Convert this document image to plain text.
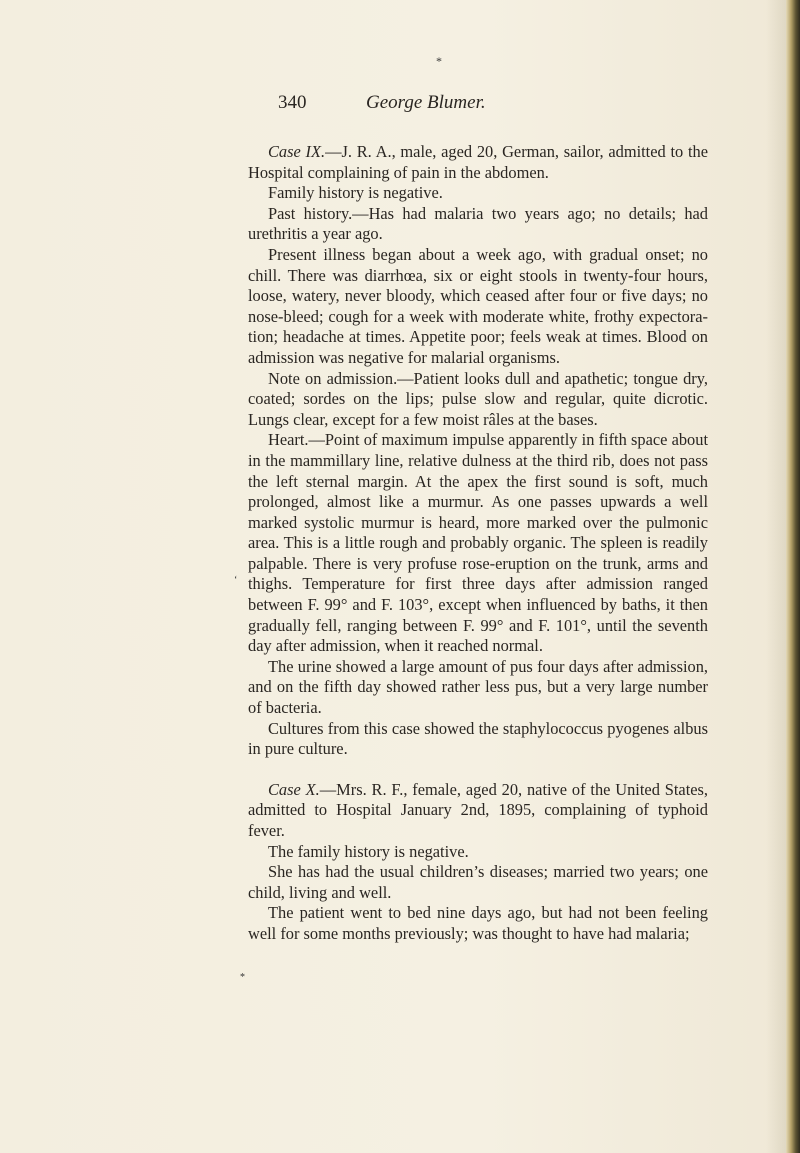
*
‘
*
340	George Blumer.

Case IX.—J. R. A., male, aged 20, German, sailor, admitted to the Hospital complaining of pain in the abdomen.

Family history is negative.

Past history.—Has had malaria two years ago; no details; had urethritis a year ago.

Present illness began about a week ago, with gradual onset; no chill. There was diarrhœa, six or eight stools in twenty-four hours, loose, watery, never bloody, which ceased after four or five days; no nose-bleed; cough for a week with moderate white, frothy expectoration; headache at times. Appetite poor; feels weak at times. Blood on admission was negative for malarial organisms.

Note on admission.—Patient looks dull and apathetic; tongue dry, coated; sordes on the lips; pulse slow and regular, quite dicrotic. Lungs clear, except for a few moist râles at the bases.

Heart.—Point of maximum impulse apparently in fifth space about in the mammillary line, relative dulness at the third rib, does not pass the left sternal margin. At the apex the first sound is soft, much prolonged, almost like a murmur. As one passes upwards a well marked systolic murmur is heard, more marked over the pulmonic area. This is a little rough and probably organic. The spleen is readily palpable. There is very profuse rose-eruption on the trunk, arms and thighs. Temperature for first three days after admission ranged between F. 99° and F. 103°, except when influenced by baths, it then gradually fell, ranging between F. 99° and F. 101°, until the seventh day after admission, when it reached normal.

The urine showed a large amount of pus four days after admission, and on the fifth day showed rather less pus, but a very large number of bacteria.

Cultures from this case showed the staphylococcus pyogenes albus in pure culture.

Case X.—Mrs. R. F., female, aged 20, native of the United States, admitted to Hospital January 2nd, 1895, complaining of typhoid fever.

The family history is negative.

She has had the usual children’s diseases; married two years; one child, living and well.

The patient went to bed nine days ago, but had not been feeling well for some months previously; was thought to have had malaria;
